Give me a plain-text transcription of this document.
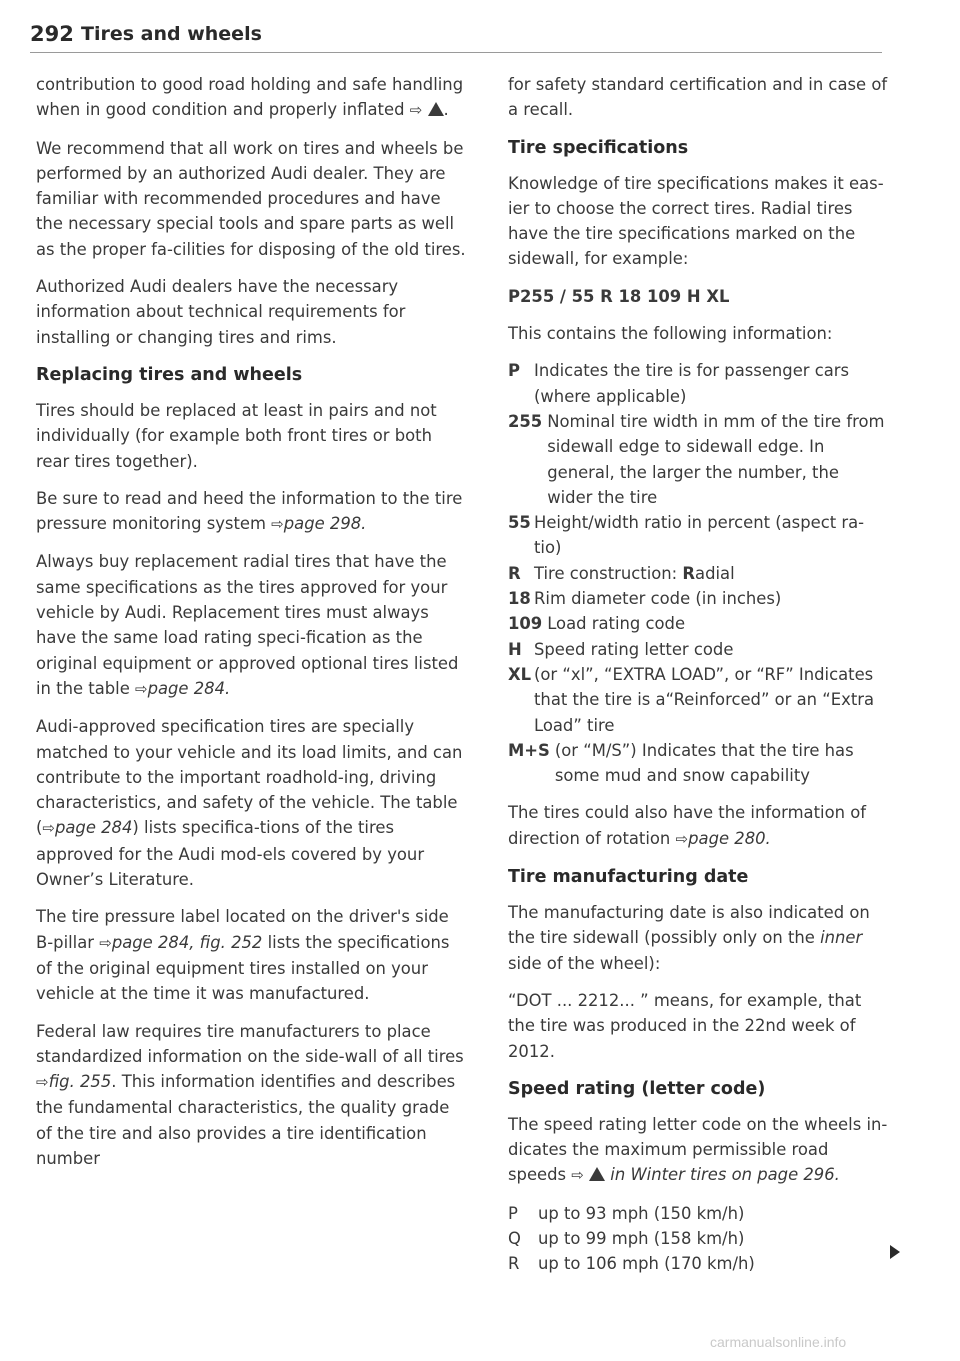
292 Tires and wheels

contribution to good road holding and safe handling when in good condition and properly inflated ⇨ .

We recommend that all work on tires and wheels be performed by an authorized Audi dealer. They are familiar with recommended procedures and have the necessary special tools and spare parts as well as the proper fa-cilities for disposing of the old tires.

Authorized Audi dealers have the necessary information about technical requirements for installing or changing tires and rims.

Replacing tires and wheels

Tires should be replaced at least in pairs and not individually (for example both front tires or both rear tires together).

Be sure to read and heed the information to the tire pressure monitoring system ⇨page 298.

Always buy replacement radial tires that have the same specifications as the tires approved for your vehicle by Audi. Replacement tires must always have the same load rating speci-fication as the original equipment or approved optional tires listed in the table ⇨page 284.

Audi-approved specification tires are specially matched to your vehicle and its load limits, and can contribute to the important roadhold-ing, driving characteristics, and safety of the vehicle. The table (⇨page 284) lists specifica-tions of the tires approved for the Audi mod-els covered by your Owner’s Literature.

The tire pressure label located on the driver's side B-pillar ⇨page 284, fig. 252 lists the specifications of the original equipment tires installed on your vehicle at the time it was manufactured.

Federal law requires tire manufacturers to place standardized information on the side-wall of all tires ⇨fig. 255. This information identifies and describes the fundamental characteristics, the quality grade of the tire and also provides a tire identification number

for safety standard certification and in case of a recall.

Tire specifications

Knowledge of tire specifications makes it eas-ier to choose the correct tires. Radial tires have the tire specifications marked on the sidewall, for example:

P255 / 55 R 18 109 H XL

This contains the following information:

P Indicates the tire is for passenger cars (where applicable)
255 Nominal tire width in mm of the tire from sidewall edge to sidewall edge. In general, the larger the number, the wider the tire
55 Height/width ratio in percent (aspect ra-tio)
R Tire construction: Radial
18 Rim diameter code (in inches)
109 Load rating code
H Speed rating letter code
XL (or “xl”, “EXTRA LOAD”, or “RF” Indicates that the tire is a“Reinforced” or an “Extra Load” tire
M+S (or “M/S”) Indicates that the tire has some mud and snow capability

The tires could also have the information of direction of rotation ⇨page 280.

Tire manufacturing date

The manufacturing date is also indicated on the tire sidewall (possibly only on the inner side of the wheel):

“DOT ... 2212... ” means, for example, that the tire was produced in the 22nd week of 2012.

Speed rating (letter code)

The speed rating letter code on the wheels in-dicates the maximum permissible road speeds ⇨ in Winter tires on page 296.

P	up to 93 mph (150 km/h)
Q	up to 99 mph (158 km/h)
R	up to 106 mph (170 km/h)
carmanualsonline.info
